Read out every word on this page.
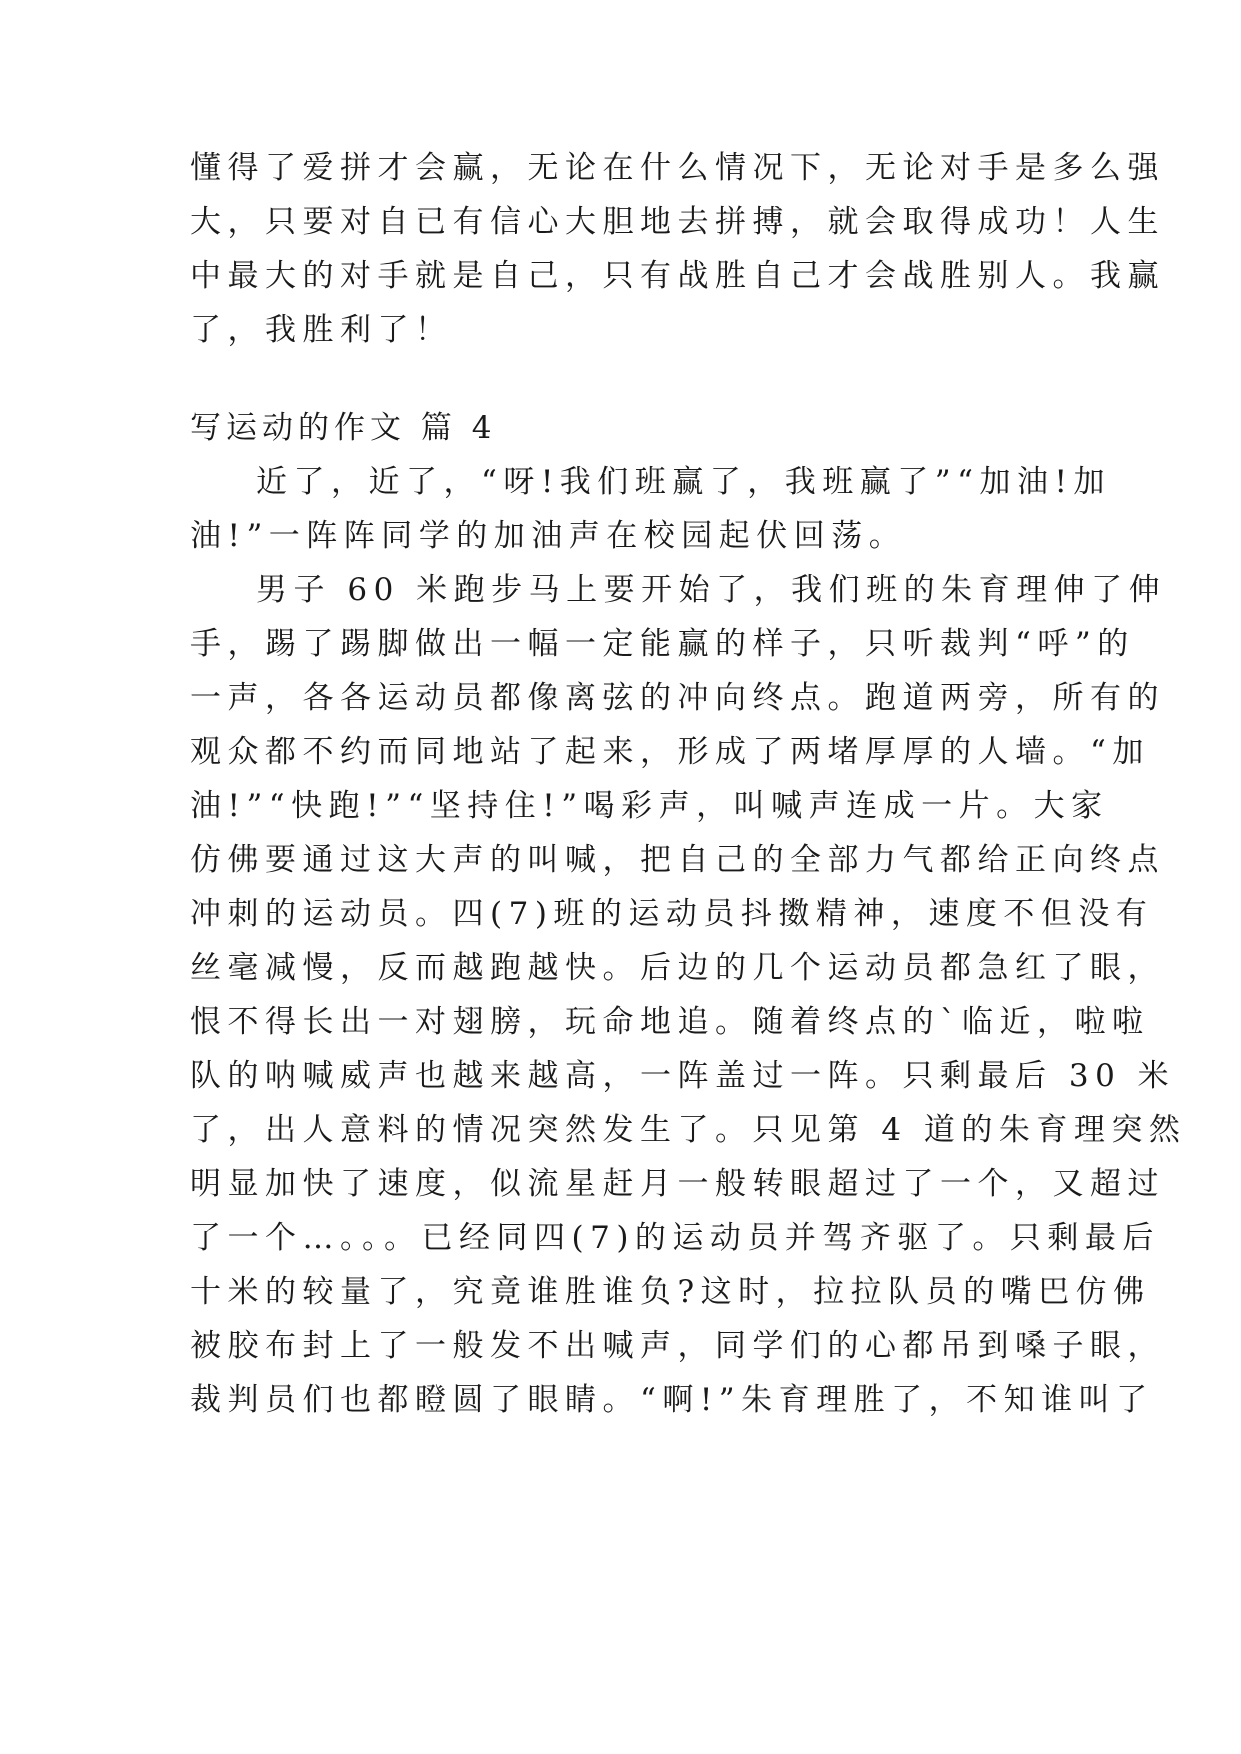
懂得了爱拼才会赢，无论在什么情况下，无论对手是多么强
大，只要对自已有信心大胆地去拼搏，就会取得成功！人生
中最大的对手就是自己，只有战胜自己才会战胜别人。我赢
了，我胜利了！
写运动的作文 篇 4
近了，近了，“呀!我们班赢了，我班赢了”“加油!加
油!”一阵阵同学的加油声在校园起伏回荡。
男子 60 米跑步马上要开始了，我们班的朱育理伸了伸
手，踢了踢脚做出一幅一定能赢的样子，只听裁判“呼”的
一声，各各运动员都像离弦的冲向终点。跑道两旁，所有的
观众都不约而同地站了起来，形成了两堵厚厚的人墙。“加
油!”“快跑!”“坚持住!”喝彩声，叫喊声连成一片。大家
仿佛要通过这大声的叫喊，把自己的全部力气都给正向终点
冲刺的运动员。四(7)班的运动员抖擞精神，速度不但没有
丝毫减慢，反而越跑越快。后边的几个运动员都急红了眼，
恨不得长出一对翅膀，玩命地追。随着终点的`临近，啦啦
队的呐喊威声也越来越高，一阵盖过一阵。只剩最后 30 米
了，出人意料的情况突然发生了。只见第 4 道的朱育理突然
明显加快了速度，似流星赶月一般转眼超过了一个，又超过
了一个…。。。已经同四(7)的运动员并驾齐驱了。只剩最后
十米的较量了，究竟谁胜谁负?这时，拉拉队员的嘴巴仿佛
被胶布封上了一般发不出喊声，同学们的心都吊到嗓子眼，
裁判员们也都瞪圆了眼睛。“啊!”朱育理胜了，不知谁叫了
